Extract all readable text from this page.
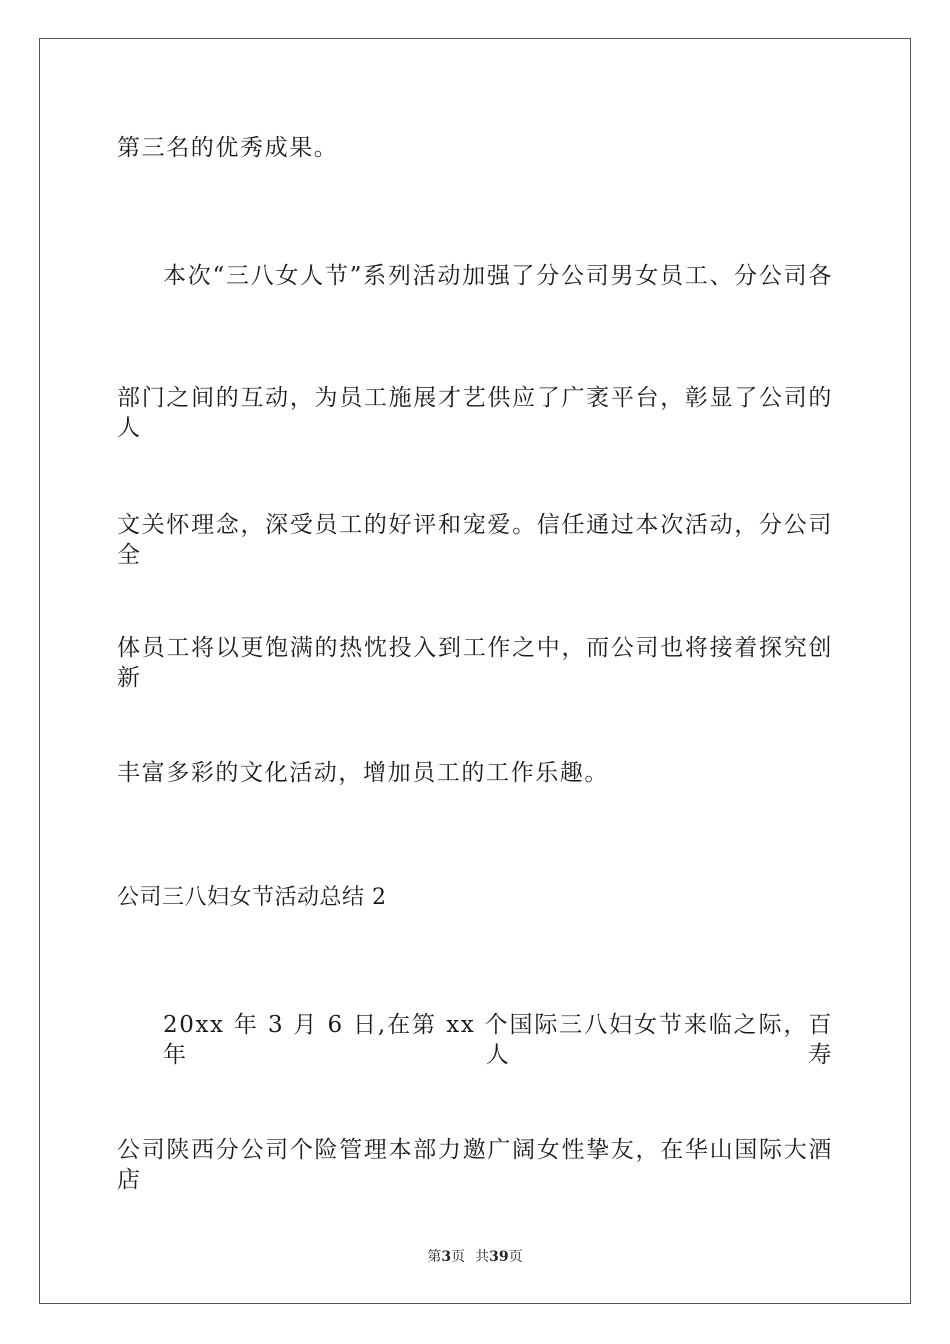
第三名的优秀成果。
本次“三八女人节”系列活动加强了分公司男女员工、分公司各
部门之间的互动，为员工施展才艺供应了广袤平台，彰显了公司的人
文关怀理念，深受员工的好评和宠爱。信任通过本次活动，分公司全
体员工将以更饱满的热忱投入到工作之中，而公司也将接着探究创新
丰富多彩的文化活动，增加员工的工作乐趣。
公司三八妇女节活动总结 2
20xx 年 3 月 6 日,在第 xx 个国际三八妇女节来临之际，百年人寿
公司陕西分公司个险管理本部力邀广阔女性挚友，在华山国际大酒店
第3页 共39页
